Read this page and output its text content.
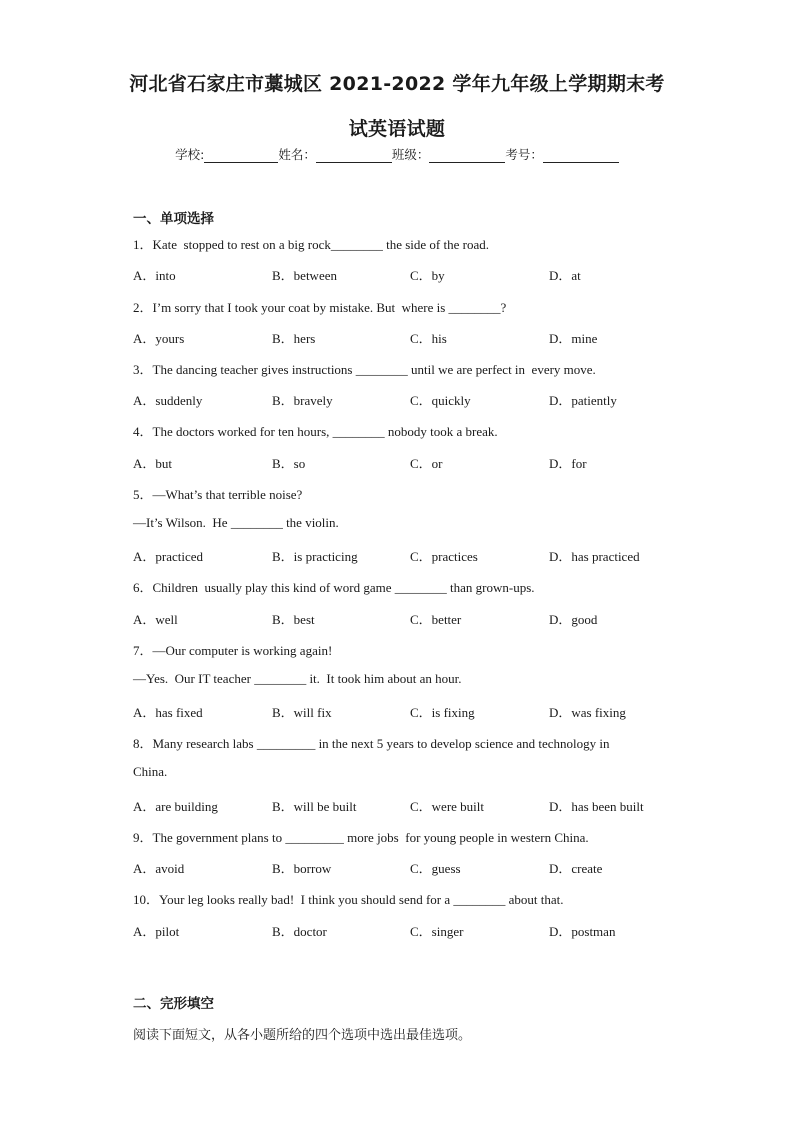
河北省石家庄市藁城区 2021-2022 学年九年级上学期期末考
试英语试题
学校:	姓名：	班级：	考号：
一、单项选择
1．Kate  stopped to rest on a big rock________ the side of the road.
A．into	B．between	C．by	D．at
2．I’m sorry that I took your coat by mistake. But  where is ________?
A．yours	B．hers	C．his	D．mine
3．The dancing teacher gives instructions ________ until we are perfect in  every move.
A．suddenly	B．bravely	C．quickly	D．patiently
4．The doctors worked for ten hours, ________ nobody took a break.
A．but	B．so	C．or	D．for
5．—What’s that terrible noise?
—It’s Wilson.  He ________ the violin.
A．practiced	B．is practicing	C．practices	D．has practiced
6．Children  usually play this kind of word game ________ than grown-ups.
A．well	B．best	C．better	D．good
7．—Our computer is working again!
—Yes.  Our IT teacher ________ it.  It took him about an hour.
A．has fixed	B．will fix	C．is fixing	D．was fixing
8．Many research labs _________ in the next 5 years to develop science and technology in
China.
A．are building	B．will be built	C．were built	D．has been built
9．The government plans to _________ more jobs  for young people in western China.
A．avoid	B．borrow	C．guess	D．create
10．Your leg looks really bad!  I think you should send for a ________ about that.
A．pilot	B．doctor	C．singer	D．postman
二、完形填空
阅读下面短文，从各小题所给的四个选项中选出最佳选项。
